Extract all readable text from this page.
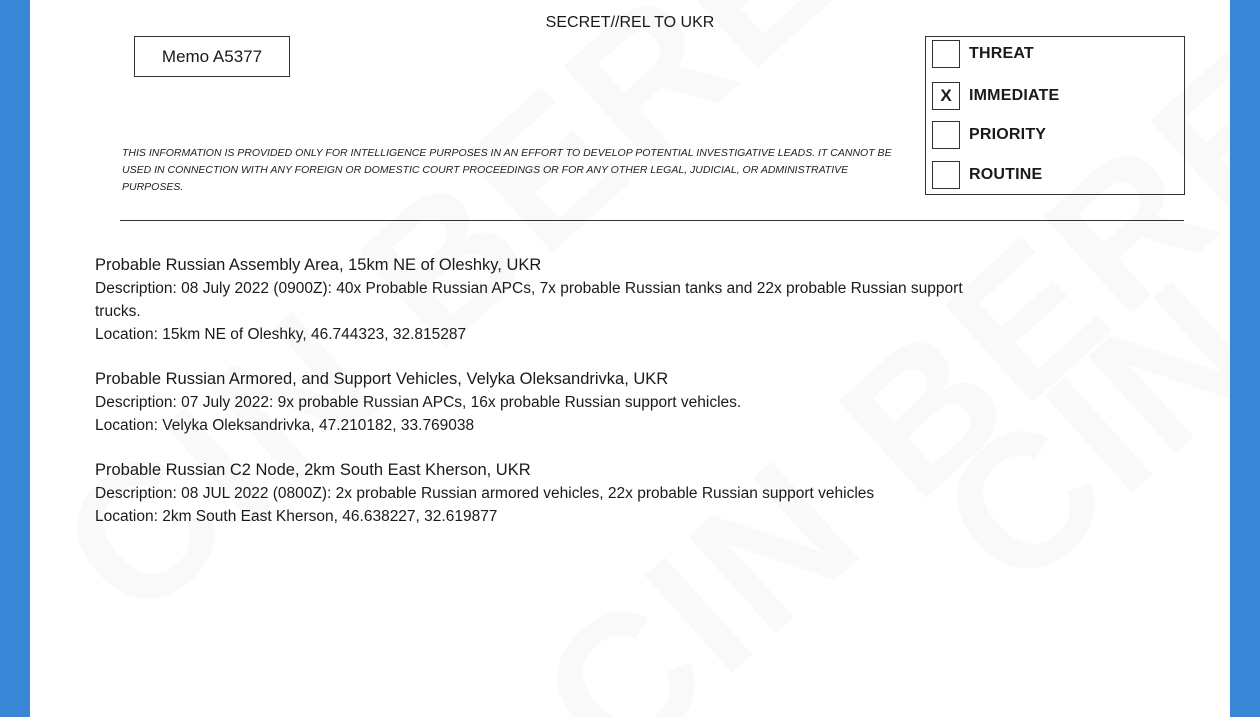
SECRET//REL TO UKR
Memo A5377	THREAT
X	IMMEDIATE
PRIORITY
ROUTINE
THIS INFORMATION IS PROVIDED ONLY FOR INTELLIGENCE PURPOSES IN AN EFFORT TO DEVELOP POTENTIAL INVESTIGATIVE LEADS. IT CANNOT BE USED IN CONNECTION WITH ANY FOREIGN OR DOMESTIC COURT PROCEEDINGS OR FOR ANY OTHER LEGAL, JUDICIAL, OR ADMINISTRATIVE PURPOSES.
Probable Russian Assembly Area, 15km NE of Oleshky, UKR
Description: 08 July 2022 (0900Z): 40x Probable Russian APCs, 7x probable Russian tanks and 22x probable Russian support trucks.
Location: 15km NE of Oleshky, 46.744323, 32.815287
Probable Russian Armored, and Support Vehicles, Velyka Oleksandrivka, UKR
Description: 07 July 2022: 9x probable Russian APCs, 16x probable Russian support vehicles.
Location: Velyka Oleksandrivka, 47.210182, 33.769038
Probable Russian C2 Node, 2km South East Kherson, UKR
Description: 08 JUL 2022 (0800Z): 2x probable Russian armored vehicles, 22x probable Russian support vehicles
Location: 2km South East Kherson, 46.638227, 32.619877
